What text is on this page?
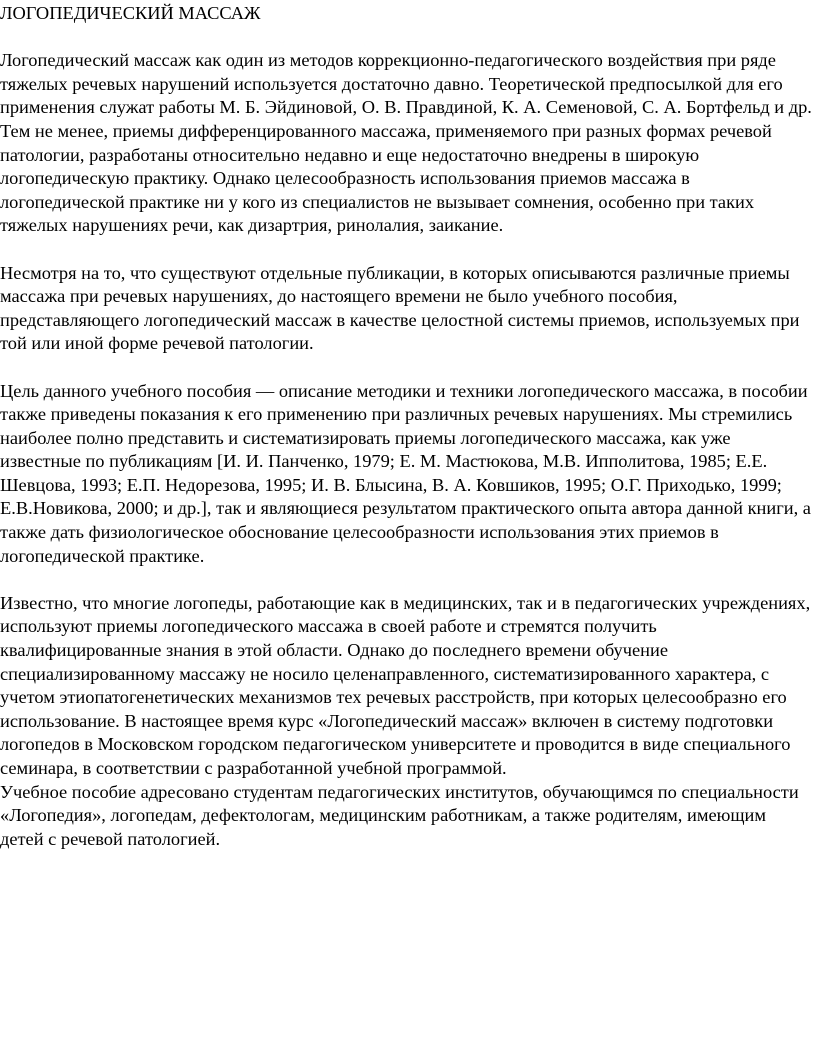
ЛОГОПЕДИЧЕСКИЙ МАССАЖ

Логопедический массаж как один из методов коррекционно-педагогического воздействия при ряде тяжелых речевых нарушений используется достаточно давно. Теоретической предпосылкой для его применения служат работы М. Б. Эйдиновой, О. В. Правдиной, К. А. Семеновой, С. А. Бортфельд и др. Тем не менее, приемы дифференцированного массажа, применяемого при разных формах речевой патологии, разработаны относительно недавно и еще недостаточно внедрены в широкую логопедическую практику. Однако целесообразность использования приемов массажа в логопедической практике ни у кого из специалистов не вызывает сомнения, особенно при таких тяжелых нарушениях речи, как дизартрия, ринолалия, заикание.

Несмотря на то, что существуют отдельные публикации, в которых описываются различные приемы массажа при речевых нарушениях, до настоящего времени не было учебного пособия, представляющего логопедический массаж в качестве целостной системы приемов, используемых при той или иной форме речевой патологии.

Цель данного учебного пособия — описание методики и техники логопедического массажа, в пособии также приведены показания к его применению при различных речевых нарушениях. Мы стремились наиболее полно представить и систематизировать приемы логопедического массажа, как уже известные по публикациям [И. И. Панченко, 1979; Е. М. Мастюкова, М.В. Ипполитова, 1985; Е.Е. Шевцова, 1993; Е.П. Недорезова, 1995; И. В. Блысина, В. А. Ковшиков, 1995; О.Г. Приходько, 1999; Е.В.Новикова, 2000; и др.], так и являющиеся результатом практического опыта автора данной книги, а также дать физиологическое обоснование целесообразности использования этих приемов в логопедической практике.

Известно, что многие логопеды, работающие как в медицинских, так и в педагогических учреждениях, используют приемы логопедического массажа в своей работе и стремятся получить квалифицированные знания в этой области. Однако до последнего времени обучение специализированному массажу не носило целенаправленного, систематизированного характера, с учетом этиопатогенетических механизмов тех речевых расстройств, при которых целесообразно его использование. В настоящее время курс «Логопедический массаж» включен в систему подготовки логопедов в Московском городском педагогическом университете и проводится в виде специального семинара, в соответствии с разработанной учебной программой.

Учебное пособие адресовано студентам педагогических институтов, обучающимся по специальности «Логопедия», логопедам, дефектологам, медицинским работникам, а также родителям, имеющим детей с речевой патологией.
